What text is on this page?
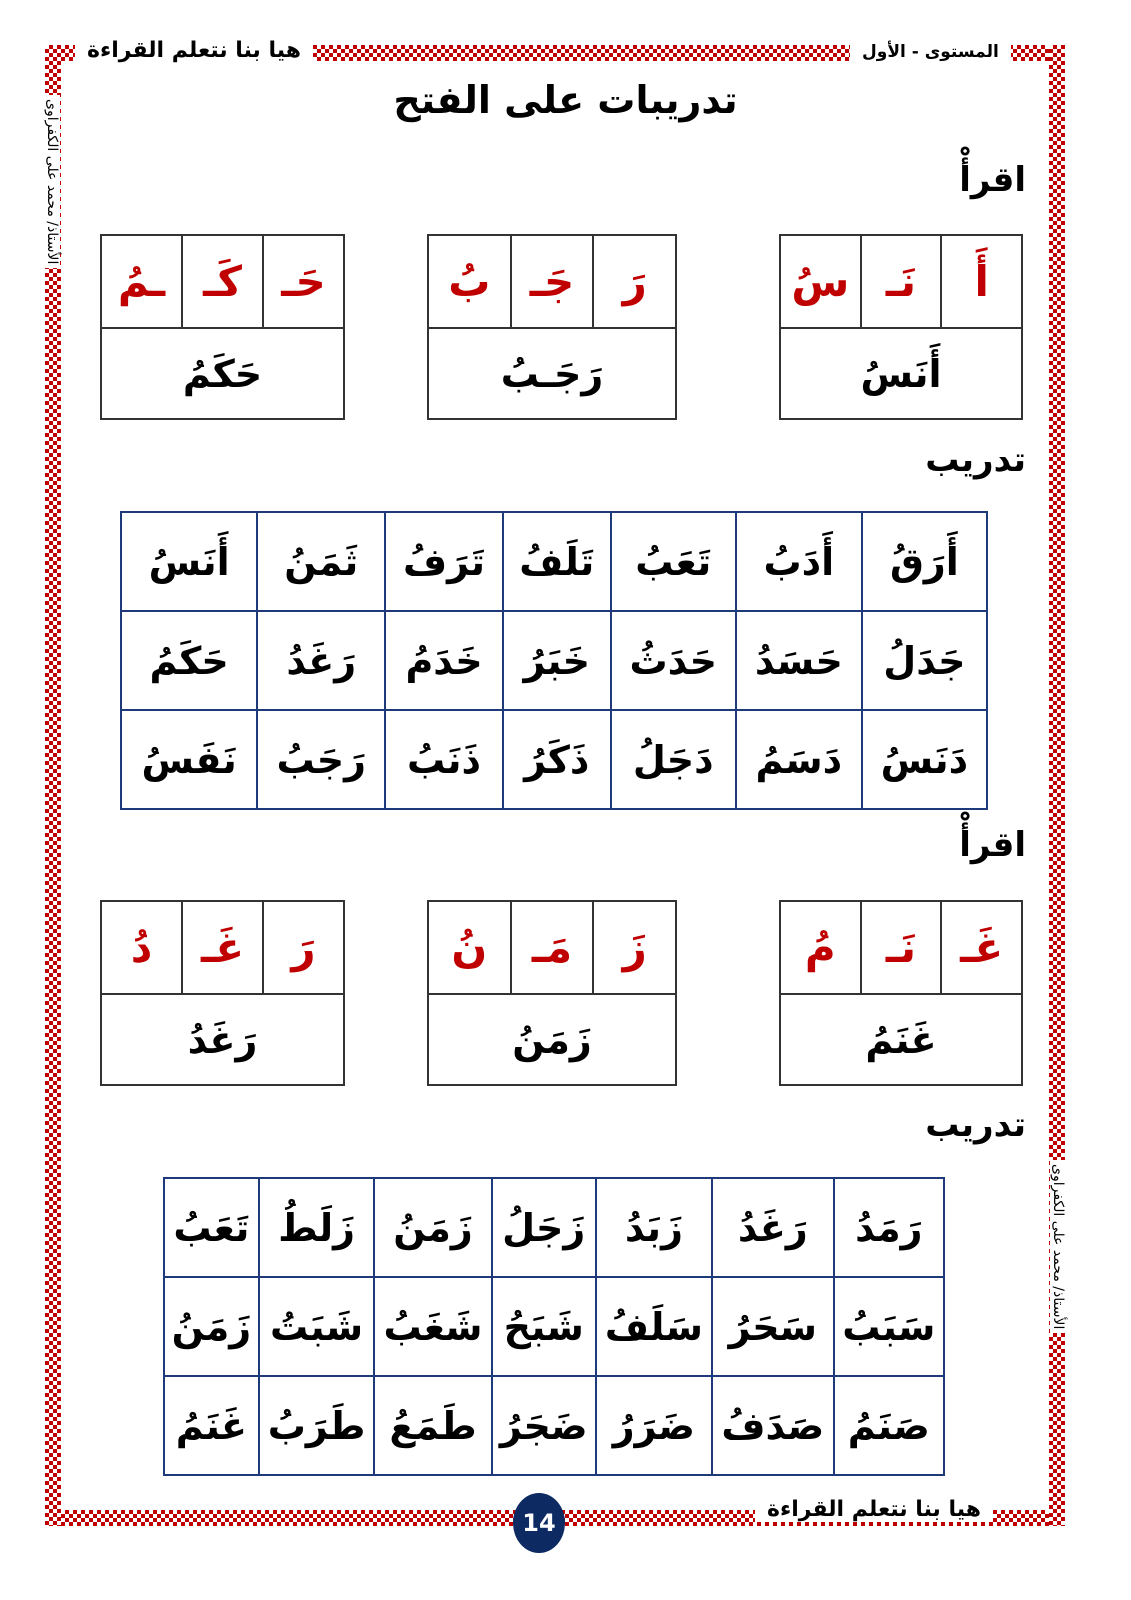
هيا بنا نتعلم القراءة	المستوى - الأول
الأستاذ/ محمد على الكفراوى
الأستاذ/ محمد على الكفراوى
تدريبات على الفتح
اقرأْ
أَ
نَـ
سُ
أَنَسُ
رَ
جَـ
بُ
رَجَـبُ
حَـ
كَـ
ـمُ
حَكَمُ
تدريب
أَرَقُ	أَدَبُ	تَعَبُ	تَلَفُ	تَرَفُ	ثَمَنُ	أَنَسُ
جَدَلُ	حَسَدُ	حَدَثُ	خَبَرُ	خَدَمُ	رَغَدُ	حَكَمُ
دَنَسُ	دَسَمُ	دَجَلُ	ذَكَرُ	ذَنَبُ	رَجَبُ	نَفَسُ
اقرأْ
غَـ
نَـ
مُ
غَنَمُ
زَ
مَـ
نُ
زَمَنُ
رَ
غَـ
دُ
رَغَدُ
تدريب
رَمَدُ	رَغَدُ	زَبَدُ	زَجَلُ	زَمَنُ	زَلَطُ	تَعَبُ
سَبَبُ	سَحَرُ	سَلَفُ	شَبَحُ	شَغَبُ	شَبَتُ	زَمَنُ
صَنَمُ	صَدَفُ	ضَرَرُ	ضَجَرُ	طَمَعُ	طَرَبُ	غَنَمُ
هيا بنا نتعلم القراءة
14
